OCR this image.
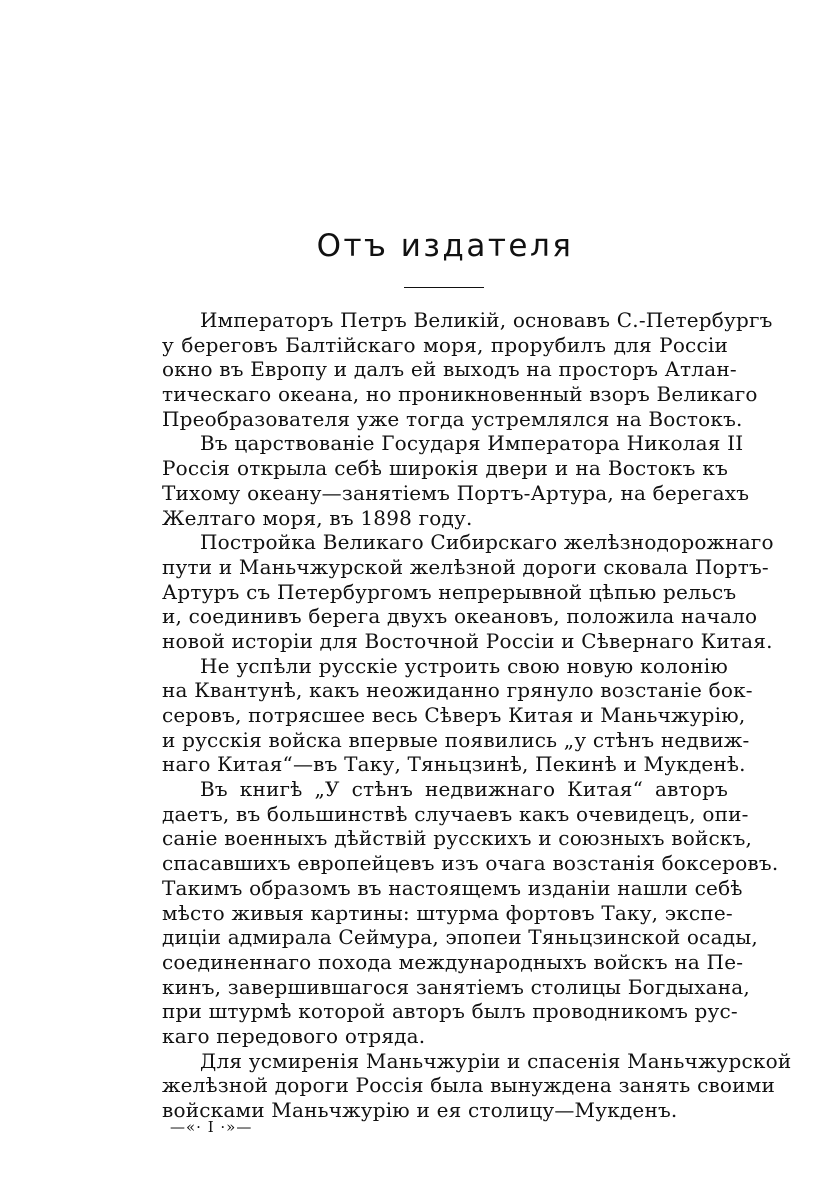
Отъ издателя
Императоръ Петръ Великій, основавъ С.-Петербургъ
у береговъ Балтійскаго моря, прорубилъ для Россіи
окно въ Европу и далъ ей выходъ на просторъ Атлан-
тическаго океана, но проникновенный взоръ Великаго
Преобразователя уже тогда устремлялся на Востокъ.
Въ царствованіе Государя Императора Николая II
Россія открыла себѣ широкія двери и на Востокъ къ
Тихому океану—занятіемъ Портъ-Артура, на берегахъ
Желтаго моря, въ 1898 году.
Постройка Великаго Сибирскаго желѣзнодорожнаго
пути и Маньчжурской желѣзной дороги сковала Портъ-
Артуръ съ Петербургомъ непрерывной цѣпью рельсъ
и, соединивъ берега двухъ океановъ, положила начало
новой исторіи для Восточной Россіи и Сѣвернаго Китая.
Не успѣли русскіе устроить свою новую колонію
на Квантунѣ, какъ неожиданно грянуло возстаніе бок-
серовъ, потрясшее весь Сѣверъ Китая и Маньчжурію,
и русскія войска впервые появились „у стѣнъ недвиж-
наго Китая“—въ Таку, Тяньцзинѣ, Пекинѣ и Мукденѣ.
Въ книгѣ „У стѣнъ недвижнаго Китая“ авторъ
даетъ, въ большинствѣ случаевъ какъ очевидецъ, опи-
саніе военныхъ дѣйствій русскихъ и союзныхъ войскъ,
спасавшихъ европейцевъ изъ очага возстанія боксеровъ.
Такимъ образомъ въ настоящемъ изданіи нашли себѣ
мѣсто живыя картины: штурма фортовъ Таку, экспе-
диціи адмирала Сеймура, эпопеи Тяньцзинской осады,
соединеннаго похода международныхъ войскъ на Пе-
кинъ, завершившагося занятіемъ столицы Богдыхана,
при штурмѣ которой авторъ былъ проводникомъ рус-
каго передового отряда.
Для усмиренія Маньчжуріи и спасенія Маньчжурской
желѣзной дороги Россія была вынуждена занять своими
войсками Маньчжурію и ея столицу—Мукденъ.
—«· I ·»—
